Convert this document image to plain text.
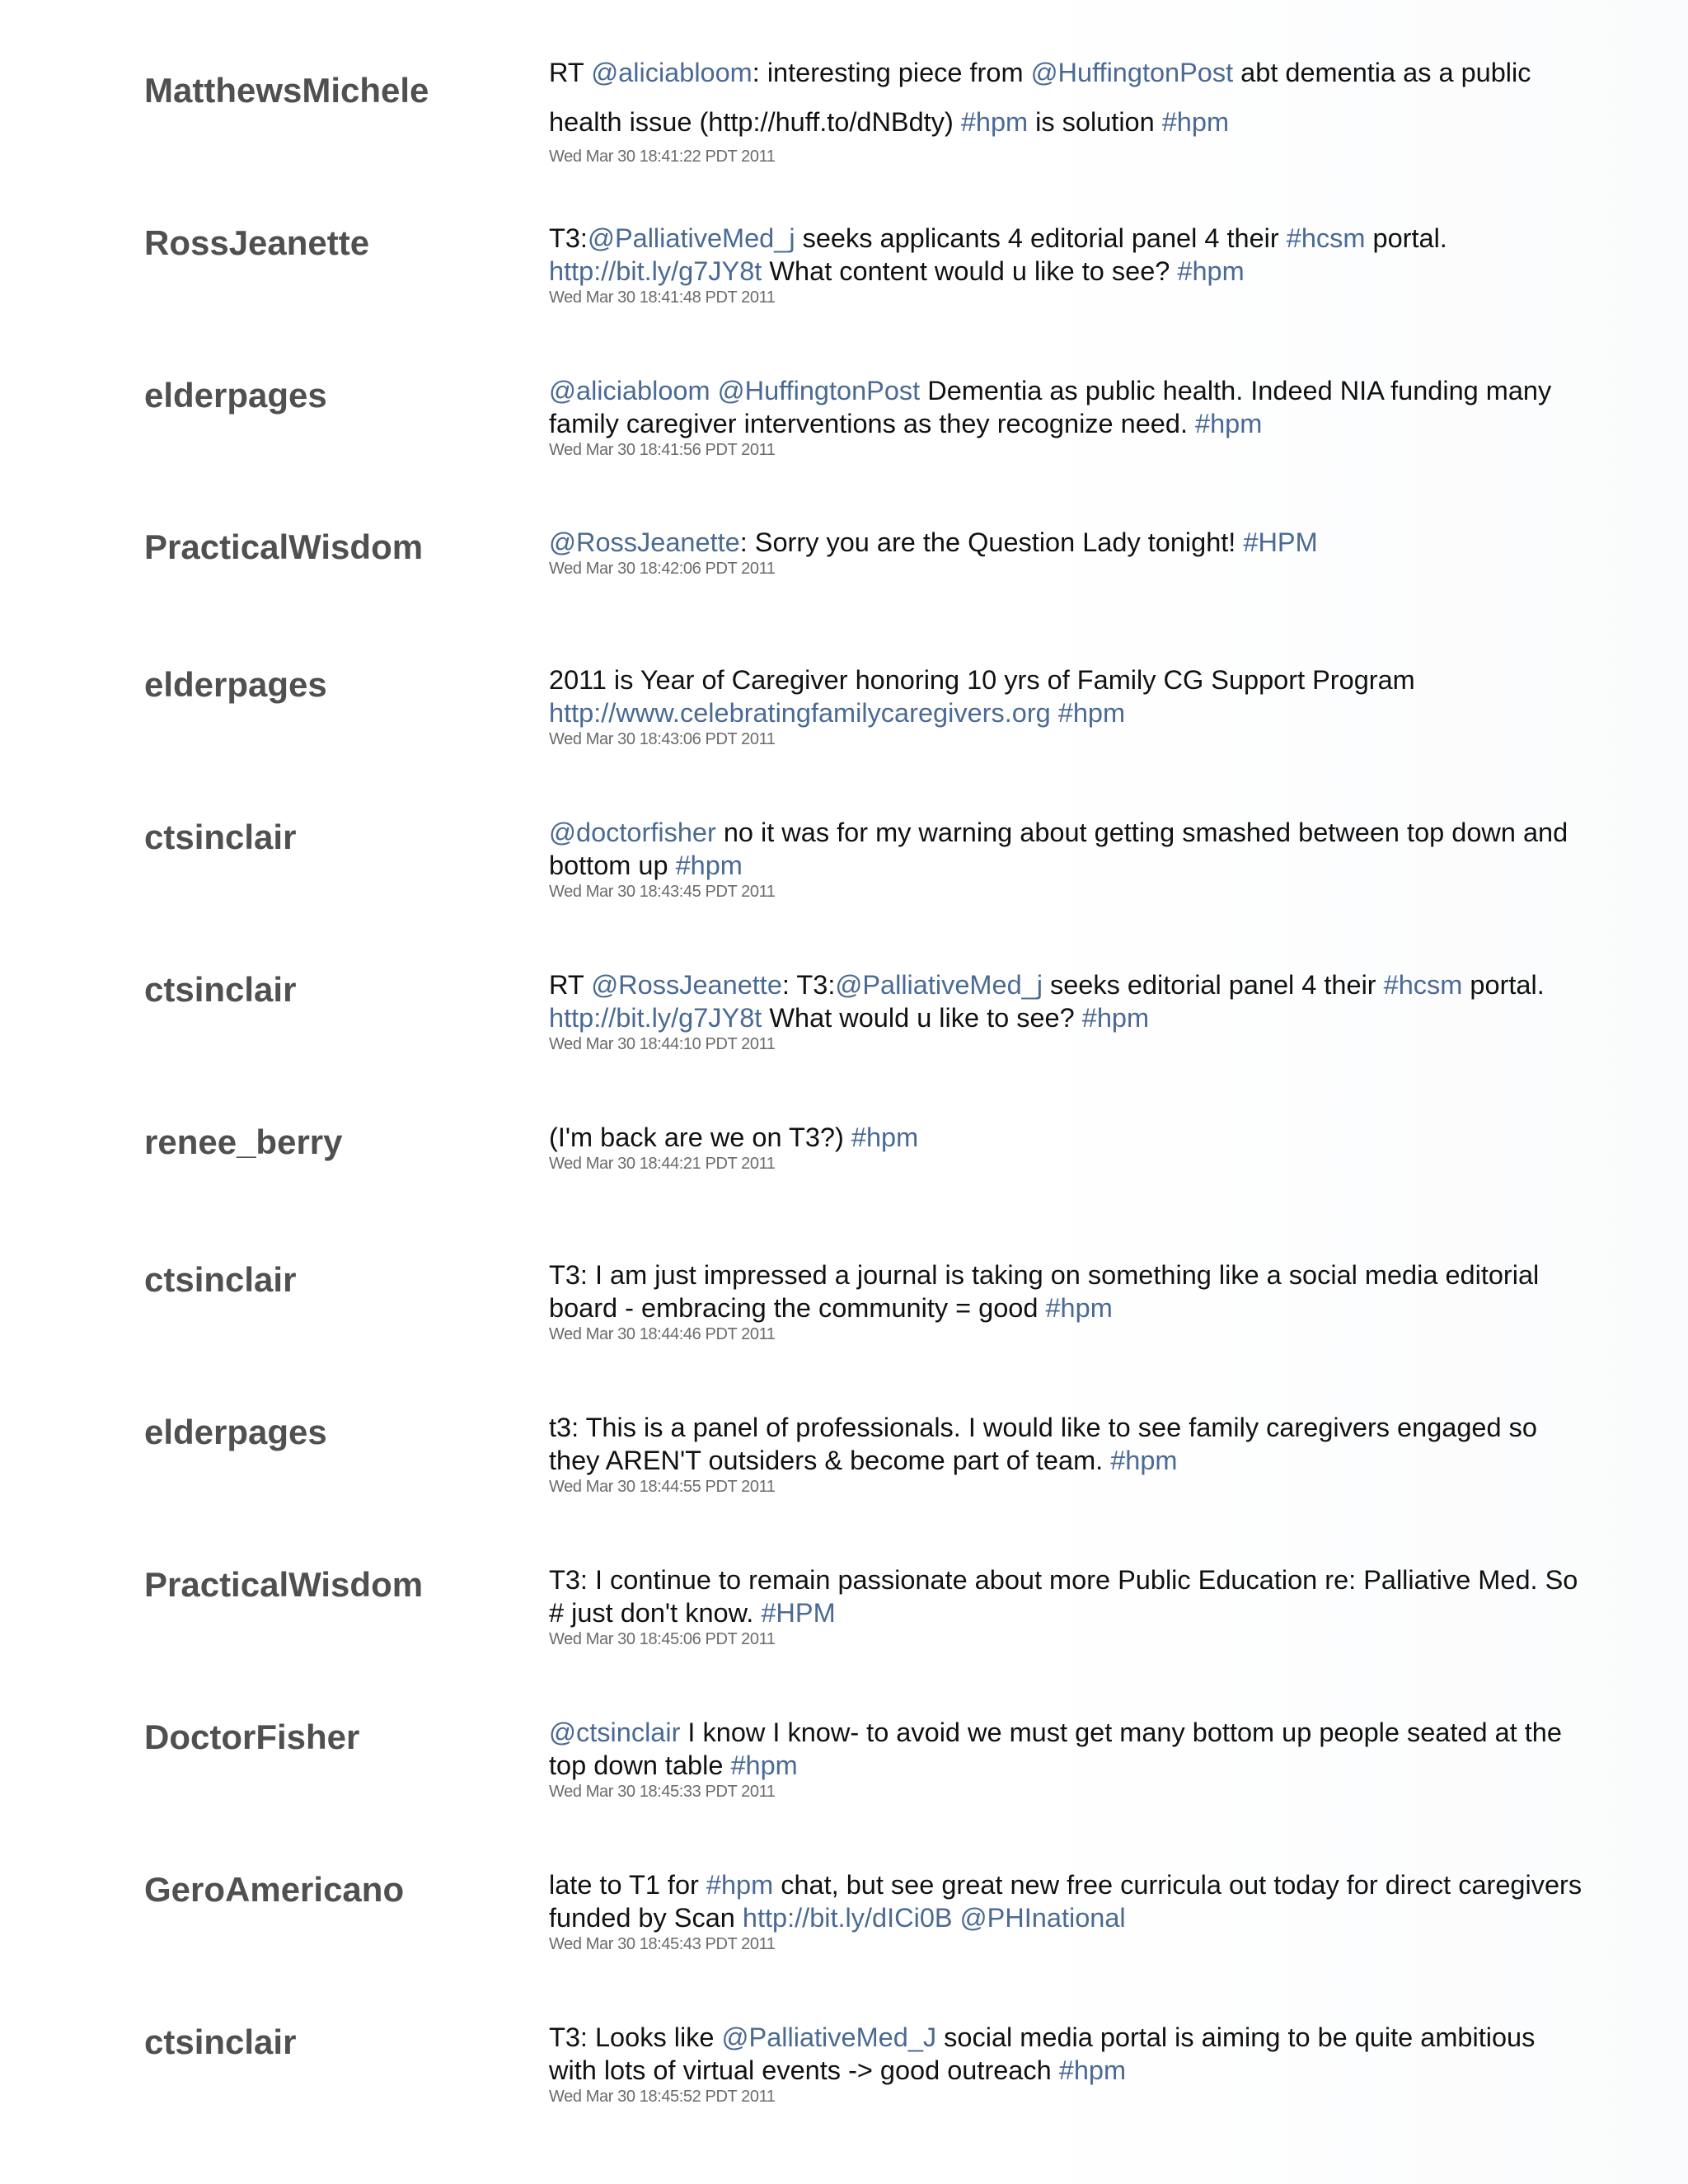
MatthewsMichele	RT @aliciabloom: interesting piece from @HuffingtonPost abt dementia as a public health issue (http://huff.to/dNBdty) #hpm is solution #hpm
Wed Mar 30 18:41:22 PDT 2011
RossJeanette	T3:@PalliativeMed_j seeks applicants 4 editorial panel 4 their #hcsm portal. http://bit.ly/g7JY8t What content would u like to see? #hpm
Wed Mar 30 18:41:48 PDT 2011
elderpages	@aliciabloom @HuffingtonPost Dementia as public health. Indeed NIA funding many family caregiver interventions as they recognize need. #hpm
Wed Mar 30 18:41:56 PDT 2011
PracticalWisdom	@RossJeanette: Sorry you are the Question Lady tonight! #HPM
Wed Mar 30 18:42:06 PDT 2011
elderpages	2011 is Year of Caregiver honoring 10 yrs of Family CG Support Program http://www.celebratingfamilycaregivers.org #hpm
Wed Mar 30 18:43:06 PDT 2011
ctsinclair	@doctorfisher no it was for my warning about getting smashed between top down and bottom up #hpm
Wed Mar 30 18:43:45 PDT 2011
ctsinclair	RT @RossJeanette: T3:@PalliativeMed_j seeks editorial panel 4 their #hcsm portal. http://bit.ly/g7JY8t What would u like to see? #hpm
Wed Mar 30 18:44:10 PDT 2011
renee_berry	(I'm back are we on T3?) #hpm
Wed Mar 30 18:44:21 PDT 2011
ctsinclair	T3: I am just impressed a journal is taking on something like a social media editorial board - embracing the community = good #hpm
Wed Mar 30 18:44:46 PDT 2011
elderpages	t3: This is a panel of professionals. I would like to see family caregivers engaged so they AREN'T outsiders & become part of team. #hpm
Wed Mar 30 18:44:55 PDT 2011
PracticalWisdom	T3: I continue to remain passionate about more Public Education re: Palliative Med. So # just don't know. #HPM
Wed Mar 30 18:45:06 PDT 2011
DoctorFisher	@ctsinclair I know I know- to avoid we must get many bottom up people seated at the top down table #hpm
Wed Mar 30 18:45:33 PDT 2011
GeroAmericano	late to T1 for #hpm chat, but see great new free curricula out today for direct caregivers funded by Scan http://bit.ly/dICi0B @PHInational
Wed Mar 30 18:45:43 PDT 2011
ctsinclair	T3: Looks like @PalliativeMed_J social media portal is aiming to be quite ambitious with lots of virtual events -> good outreach #hpm
Wed Mar 30 18:45:52 PDT 2011
